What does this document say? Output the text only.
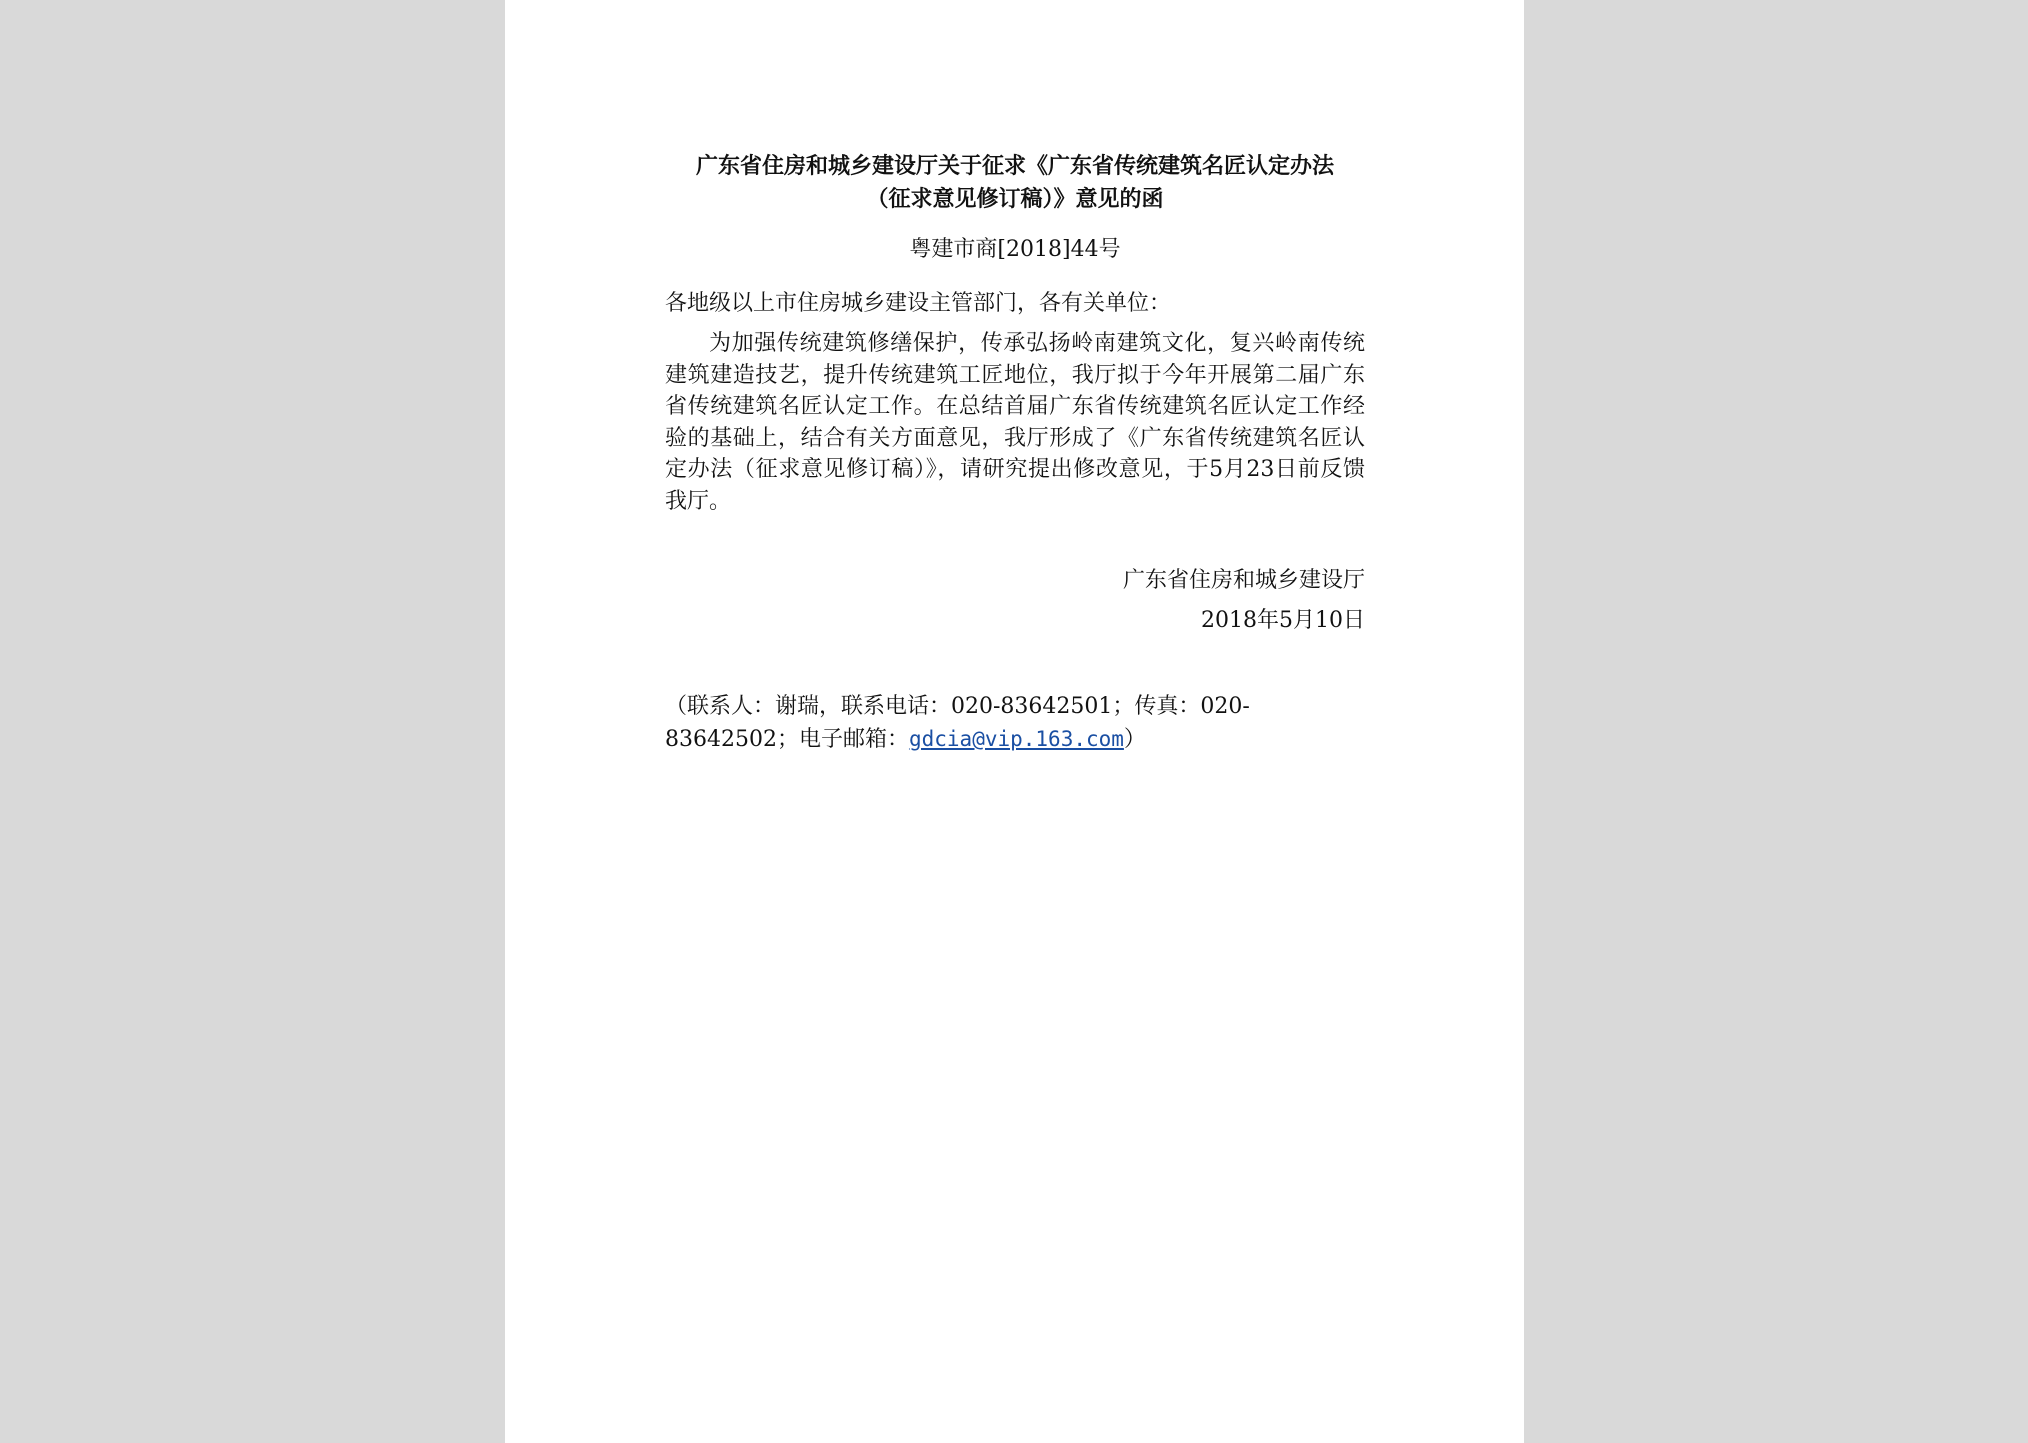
广东省住房和城乡建设厅关于征求《广东省传统建筑名匠认定办法
（征求意见修订稿）》意见的函
粤建市商[2018]44号
各地级以上市住房城乡建设主管部门，各有关单位：
为加强传统建筑修缮保护，传承弘扬岭南建筑文化，复兴岭南传统建筑建造技艺，提升传统建筑工匠地位，我厅拟于今年开展第二届广东省传统建筑名匠认定工作。在总结首届广东省传统建筑名匠认定工作经验的基础上，结合有关方面意见，我厅形成了《广东省传统建筑名匠认定办法（征求意见修订稿）》，请研究提出修改意见，于5月23日前反馈我厅。
广东省住房和城乡建设厅
2018年5月10日
（联系人：谢瑞，联系电话：020-83642501；传真：020-83642502；电子邮箱：gdcia@vip.163.com）
